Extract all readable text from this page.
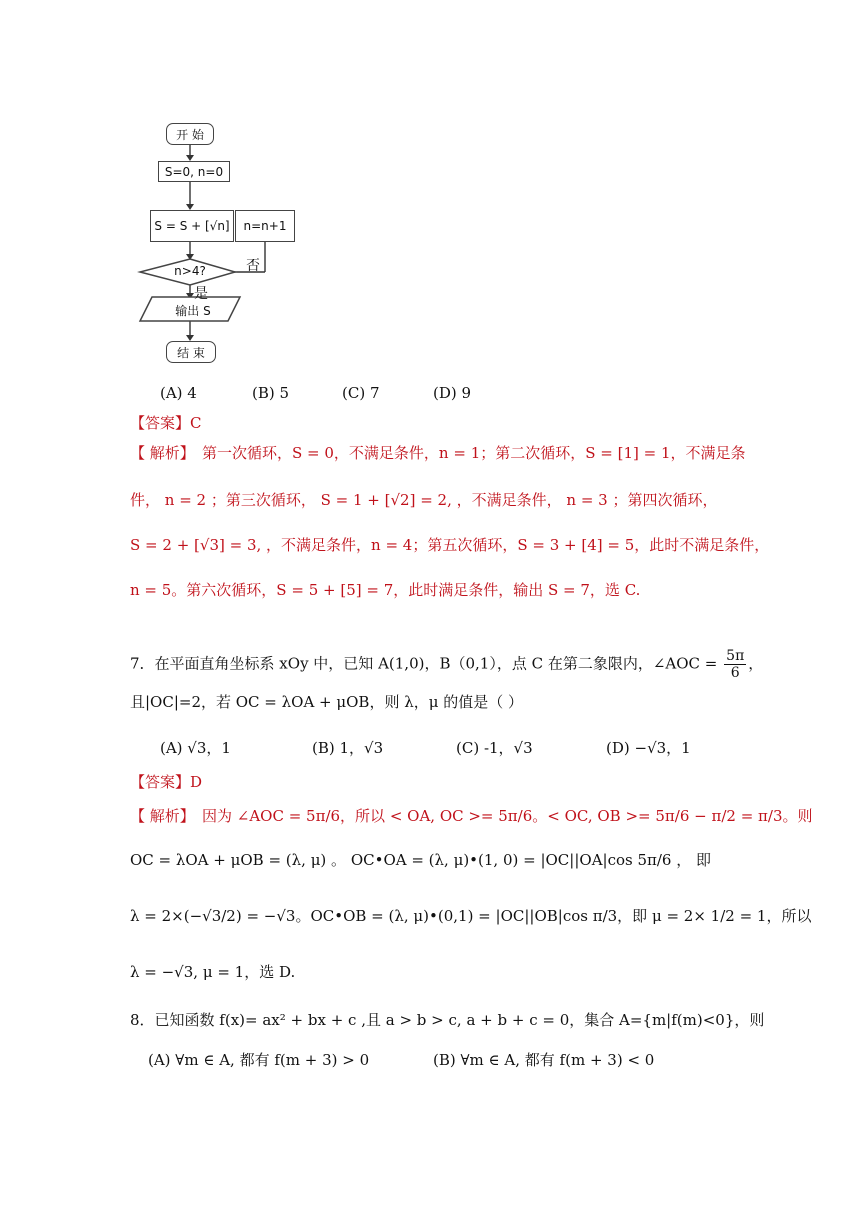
开 始
S=0, n=0
S = S + [√n] n=n+1
n>4?	否
是
输出 S
结 束
(A) 4	(B) 5	(C) 7	(D) 9
【答案】C
【 解析】 第一次循环，S = 0，不满足条件，n = 1；第二次循环，S = [1] = 1，不满足条
件， n = 2 ；第三次循环， S = 1 + [√2] = 2, ，不满足条件， n = 3 ；第四次循环，
S = 2 + [√3] = 3, ，不满足条件，n = 4；第五次循环，S = 3 + [4] = 5，此时不满足条件，
n = 5。第六次循环，S = 5 + [5] = 7，此时满足条件，输出 S = 7，选 C.
7．在平面直角坐标系 xOy 中，已知 A(1,0)，B（0,1），点 C 在第二象限内，∠AOC = $\frac{5\pi}{6}$ ，
且|OC|=2，若 OC = λOA + μOB，则 λ，μ 的值是（ ）
(A) √3，1	(B) 1，√3	(C) -1，√3	(D) −√3，1
【答案】D
【 解析】 因为 ∠AOC = 5π/6，所以 < OA, OC >= 5π/6。< OC, OB >= 5π/6 − π/2 = π/3。则
OC = λOA + μOB = (λ, μ) 。 OC•OA = (λ, μ)•(1, 0) = |OC||OA|cos 5π/6 ， 即
λ = 2×(−√3/2) = −√3。OC•OB = (λ, μ)•(0,1) = |OC||OB|cos π/3，即 μ = 2× 1/2 = 1，所以
λ = −√3, μ = 1，选 D.
8．已知函数 f(x)= ax² + bx + c ,且 a > b > c, a + b + c = 0，集合 A={m|f(m)<0}，则
(A) ∀m ∈ A, 都有 f(m + 3) > 0	(B) ∀m ∈ A, 都有 f(m + 3) < 0
